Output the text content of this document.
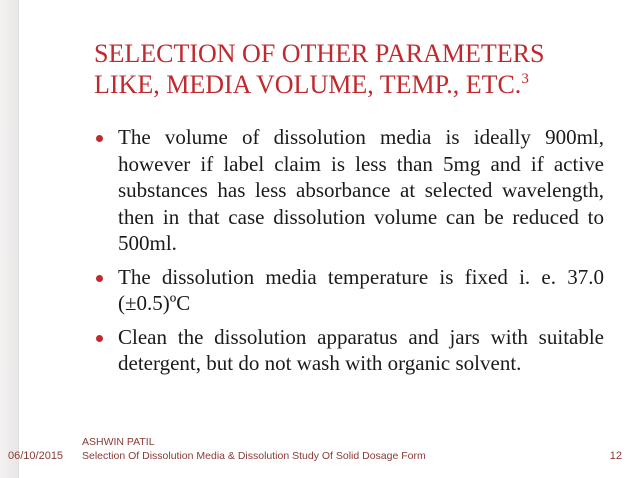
SELECTION OF OTHER PARAMETERS
LIKE, MEDIA VOLUME, TEMP., ETC.$^3$
The volume of dissolution media is ideally 900ml, however if label claim is less than 5mg and if active substances has less absorbance at selected wavelength, then in that case dissolution volume can be reduced to 500ml.
The dissolution media temperature is fixed i. e. 37.0 (±0.5)ºC
Clean the dissolution apparatus and jars with suitable detergent, but do not wash with organic solvent.
06/10/2015
ASHWIN PATIL
Selection Of Dissolution Media & Dissolution Study Of Solid Dosage Form	12
